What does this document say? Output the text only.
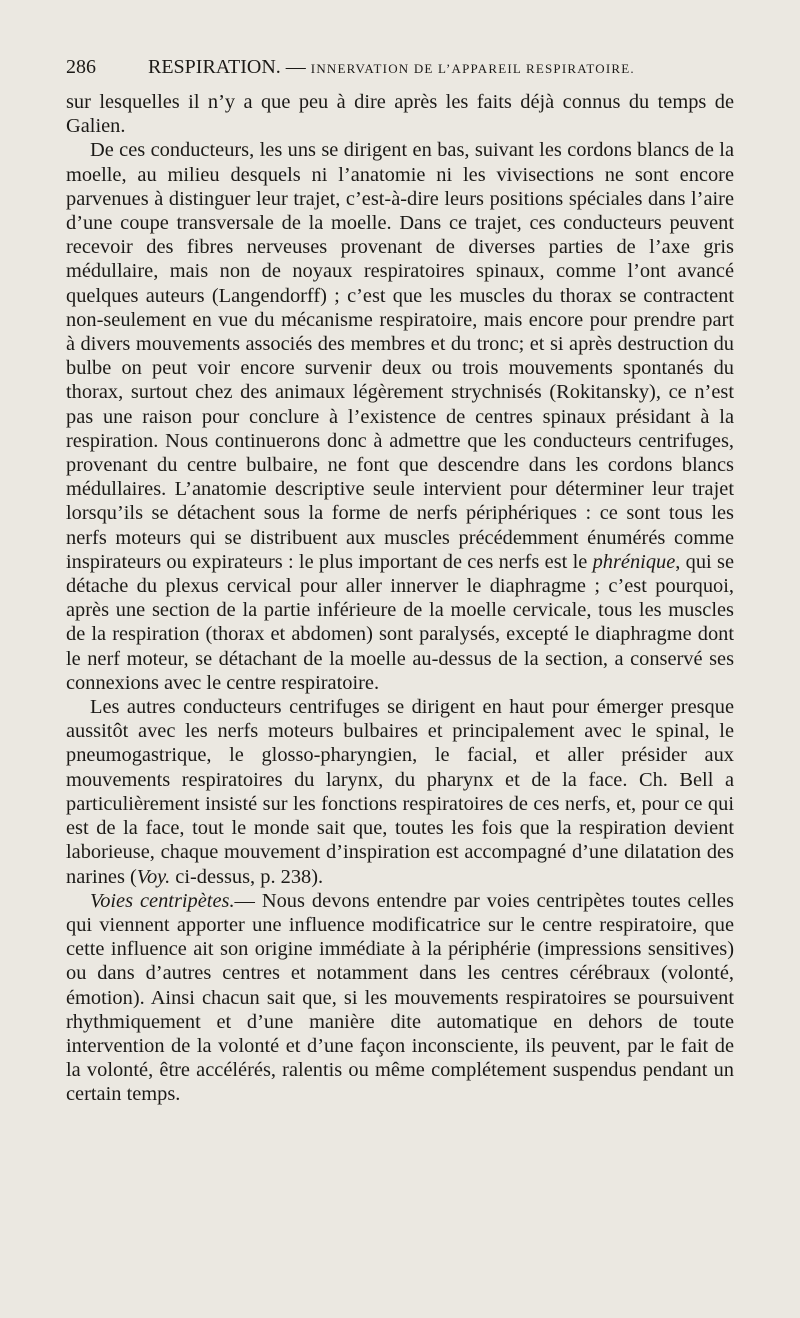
286	RESPIRATION. — INNERVATION DE L’APPAREIL RESPIRATOIRE.

sur lesquelles il n’y a que peu à dire après les faits déjà connus du temps de Galien.

De ces conducteurs, les uns se dirigent en bas, suivant les cordons blancs de la moelle, au milieu desquels ni l’anatomie ni les vivisections ne sont encore parvenues à distinguer leur trajet, c’est-à-dire leurs positions spéciales dans l’aire d’une coupe transversale de la moelle. Dans ce trajet, ces conducteurs peuvent recevoir des fibres nerveuses provenant de diverses parties de l’axe gris médullaire, mais non de noyaux respiratoires spinaux, comme l’ont avancé quelques auteurs (Langendorff) ; c’est que les muscles du thorax se contractent non-seulement en vue du mécanisme respiratoire, mais encore pour prendre part à divers mouvements associés des membres et du tronc; et si après destruction du bulbe on peut voir encore survenir deux ou trois mouvements spontanés du thorax, surtout chez des animaux légèrement strychnisés (Rokitansky), ce n’est pas une raison pour conclure à l’existence de centres spinaux présidant à la respiration. Nous continuerons donc à admettre que les conducteurs centrifuges, provenant du centre bulbaire, ne font que descendre dans les cordons blancs médullaires. L’anatomie descriptive seule intervient pour déterminer leur trajet lorsqu’ils se détachent sous la forme de nerfs périphériques : ce sont tous les nerfs moteurs qui se distribuent aux muscles précédemment énumérés comme inspirateurs ou expirateurs : le plus important de ces nerfs est le phrénique, qui se détache du plexus cervical pour aller innerver le diaphragme ; c’est pourquoi, après une section de la partie inférieure de la moelle cervicale, tous les muscles de la respiration (thorax et abdomen) sont paralysés, excepté le diaphragme dont le nerf moteur, se détachant de la moelle au-dessus de la section, a conservé ses connexions avec le centre respiratoire.

Les autres conducteurs centrifuges se dirigent en haut pour émerger presque aussitôt avec les nerfs moteurs bulbaires et principalement avec le spinal, le pneumogastrique, le glosso-pharyngien, le facial, et aller présider aux mouvements respiratoires du larynx, du pharynx et de la face. Ch. Bell a particulièrement insisté sur les fonctions respiratoires de ces nerfs, et, pour ce qui est de la face, tout le monde sait que, toutes les fois que la respiration devient laborieuse, chaque mouvement d’inspiration est accompagné d’une dilatation des narines (Voy. ci-dessus, p. 238).

Voies centripètes.— Nous devons entendre par voies centripètes toutes celles qui viennent apporter une influence modificatrice sur le centre respiratoire, que cette influence ait son origine immédiate à la périphérie (impressions sensitives) ou dans d’autres centres et notamment dans les centres cérébraux (volonté, émotion). Ainsi chacun sait que, si les mouvements respiratoires se poursuivent rhythmiquement et d’une manière dite automatique en dehors de toute intervention de la volonté et d’une façon inconsciente, ils peuvent, par le fait de la volonté, être accélérés, ralentis ou même complétement suspendus pendant un certain temps.
